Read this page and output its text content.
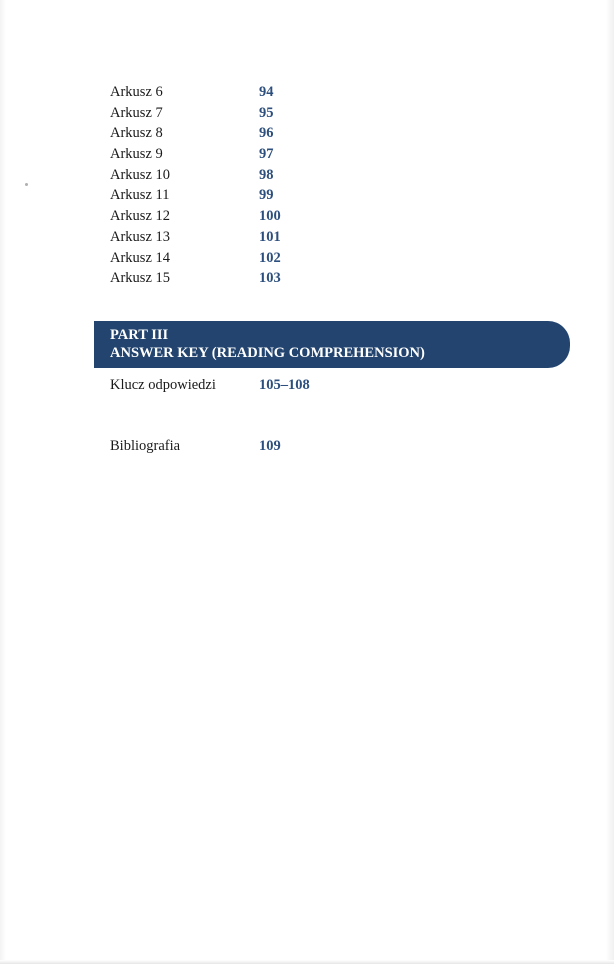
Arkusz 6	94
Arkusz 7	95
Arkusz 8	96
Arkusz 9	97
Arkusz 10	98
Arkusz 11	99
Arkusz 12	100
Arkusz 13	101
Arkusz 14	102
Arkusz 15	103
PART III
ANSWER KEY (READING COMPREHENSION)
Klucz odpowiedzi	105–108
Bibliografia	109
